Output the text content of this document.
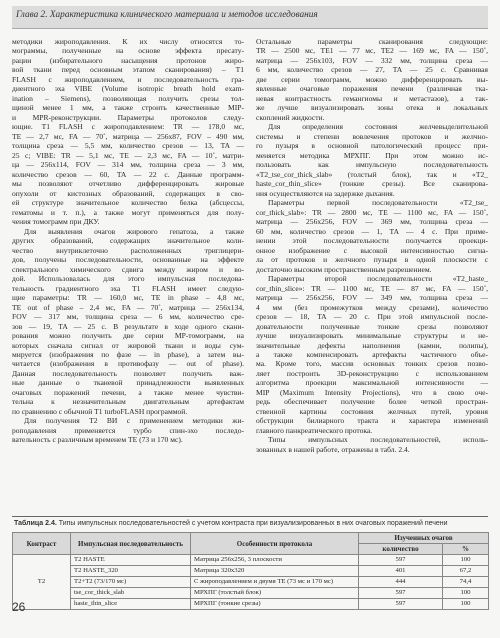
Глава 2. Характеристика клинического материала и методов исследования

методики жироподавления. К их числу относятся то-

мограммы, полученные на основе эффекта пресату-

рации (избирательного насыщения протонов жиро-

вой ткани перед основным этапом сканирования) – T1

FLASH с жироподавлением, и последовательность гра-

диентного эха VIBE (Volume isotropic breath hold exam-

ination – Siemens), позволяющая получить срезы тол-

щиной менее 1 мм, а также строить качественные MIP-

и MPR-реконструкции. Параметры протоколов следу-

ющие. T1 FLASH с жироподавлением: TR — 178,0 мс,

TE — 2,7 мс, FA — 70˚, матрица — 256х87, FOV – 490 мм,

толщина среза — 5,5 мм, количество срезов — 13, TA —

25 с; VIBE: TR — 5,1 мс, TE — 2,3 мс, FA — 10˚, матри-

ца — 256х114, FOV — 314 мм, толщина среза — 3 мм,

количество срезов — 60, TA — 22 с. Данные программ-

мы позволяют отчетливо дифференцировать жировые

опухоли от кистозных образований, содержащих в сво-

ей структуре значительное количество белка (абсцессы,

гематомы и т. п.), а также могут применяться для полу-

чения томограмм при ДКУ.

Для выявления очагов жирового гепатоза, а также

других образований, содержащих значительное коли-

чество внутриклеточно расположенных триглицери-

дов, получены последовательности, основанные на эффекте

спектрального химического сдвига между жиром и во-

дой. Использовалась для этого импульсная последова-

тельность градиентного эха T1 FLASH имеет следую-

щие параметры: TR — 160,0 мс, TE in phase – 4,8 мс,

TE out of phase – 2,4 мс, FA — 70˚, матрица — 256х134,

FOV — 317 мм, толщина среза — 6 мм, количество сре-

зов — 19, TA — 25 с. В результате в ходе одного скани-

рования можно получить две серии MP-томограмм, на

которых сначала сигнал от жировой ткани и воды сум-

мируется (изображения по фазе — in phase), а затем вы-

читается (изображения в противофазу — out of phase).

Данная последовательность позволяет получить важ-

ные данные о тканевой принадлежности выявленных

очаговых поражений печени, а также менее чувстви-

тельна к незначительным двигательным артефактам

по сравнению с обычной T1 turboFLASH программой.

Для получения T2 ВИ с применением методики жи-

роподавления применяется турбо спин-эхо последо-

вательность с различным временем TE (73 и 170 мс).

Остальные параметры сканирования следующие:

TR — 2500 мс, TE1 — 77 мс, TE2 — 169 мс, FA — 150˚,

матрица — 256х103, FOV — 332 мм, толщина среза —

6 мм, количество срезов — 27, TA — 25 с. Сравнивая

две серии томограмм, можно дифференцировать вы-

явленные очаговые поражения печени (различная тка-

невая контрастность гемангиомы и метастазов), а так-

же лучше визуализировать зоны отека и локальных

скоплений жидкости.

Для определения состояния желчевыделительной

системы и степени вовлечения протоков и желчно-

го пузыря в основной патологический процесс при-

меняется методика МРХПГ. При этом можно ис-

пользовать как импульсную последовательность

«T2_tse_cor_thick_slab» (толстый блок), так и «T2_

haste_cor_thin_slice» (тонкие срезы). Все сканирова-

ния осуществляются на задержке дыхания.

Параметры первой последовательности «T2_tse_

cor_thick_slab»: TR — 2800 мс, TE — 1100 мс, FA — 150˚,

матрица — 256х256, FOV — 369 мм, толщина среза —

60 мм, количество срезов — 1, TA — 4 с. При приме-

нении этой последовательности получается проекци-

онное изображение с высокой интенсивностью сигна-

ла от протоков и желчного пузыря в одной плоскости с

достаточно высоким пространственным разрешением.

Параметры второй последовательности «T2_haste_

cor_thin_slice»: TR — 1100 мс, TE — 87 мс, FA — 150˚,

матрица — 256х256, FOV — 349 мм, толщина среза —

4 мм (без промежутков между срезами), количество

срезов — 18, TA — 20 с. При этой импульсной после-

довательности полученные тонкие срезы позволяют

лучше визуализировать минимальные структуры и не-

значительные дефекты наполнения (камни, полипы),

а также компенсировать артефакты частичного объе-

ма. Кроме того, массив основных тонких срезов позво-

ляет построить 3D-реконструкцию с использованием

алгоритма проекции максимальной интенсивности —

MIP (Maximum Intensity Projections), что в свою оче-

редь обеспечивает получение более четкой простран-

ственной картины состояния желчных путей, уровня

обструкции билиарного тракта и характера изменений

главного панкреатического протока.

Типы импульсных последовательностей, исполь-

зованных в нашей работе, отражены в табл. 2.4.

Таблица 2.4. Типы импульсных последовательностей с учетом контраста при визуализированных в них очаговых поражений печени
Контраст	Импульсная последовательность	Особенности протокола	Изученных очагов	
			количество	%
T2	T2 HASTE	Матрица 256х256, 3 плоскости	597	100
	T2 HASTE_320	Матрица 320х320	401	67,2
	T2+T2 (73/170 мс)	С жироподавлением и двумя TE (73 мс и 170 мс)	444	74,4
	tse_cor_thick_slab	МРХПГ (толстый блок)	597	100
	haste_thin_slice	МРХПГ (тонкие срезы)	597	100
26
